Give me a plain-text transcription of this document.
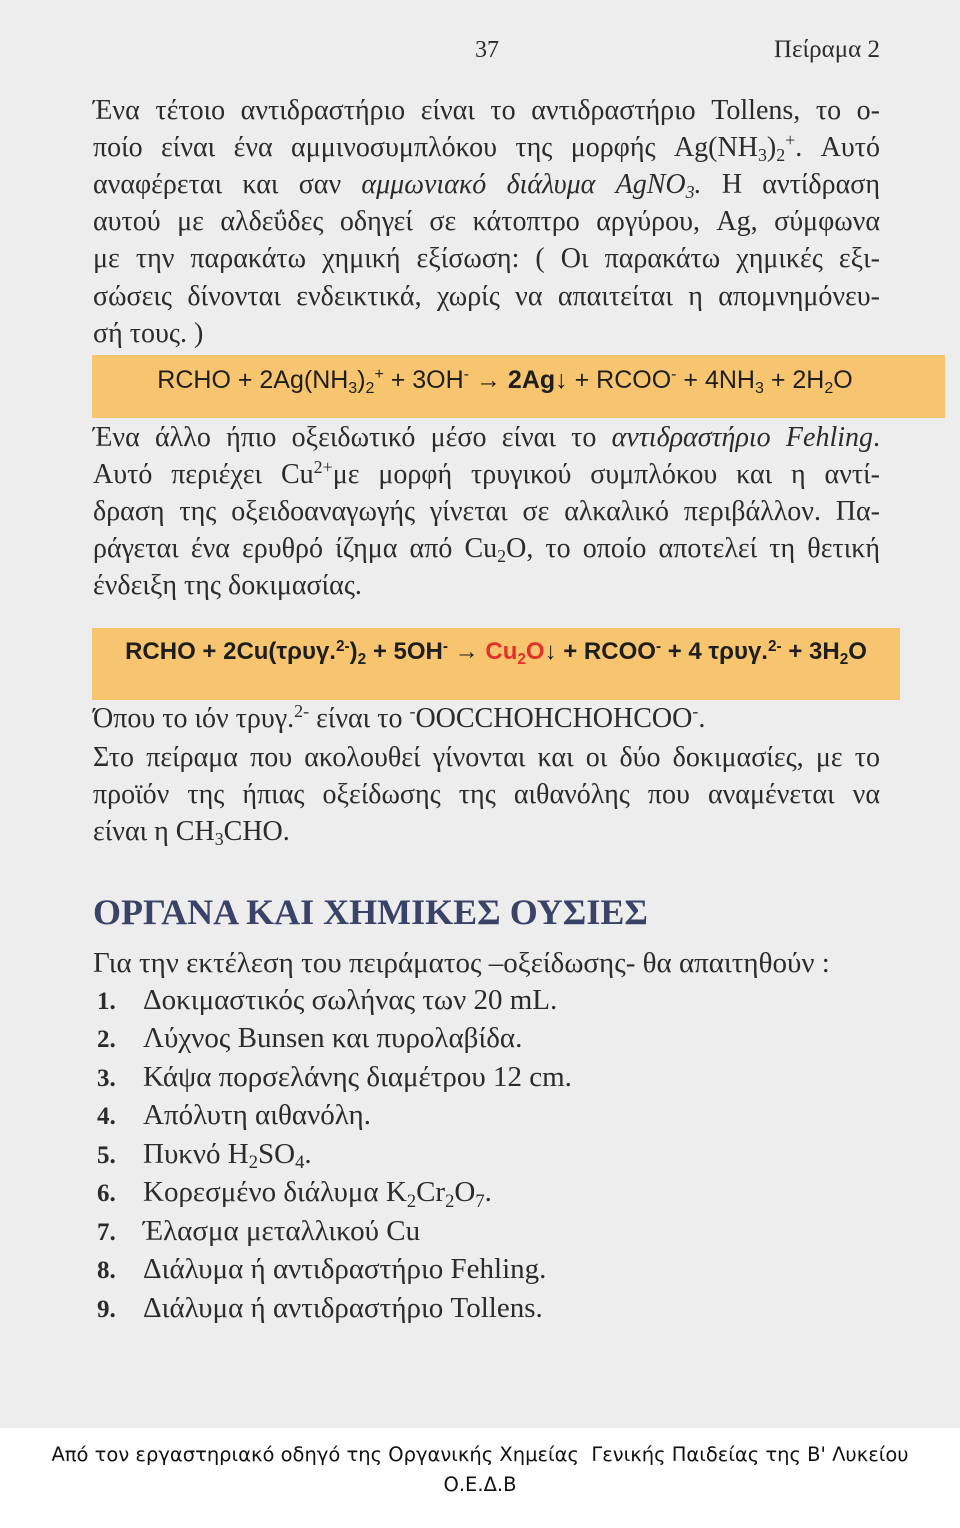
37	Πείραμα 2
Ένα τέτοιο αντιδραστήριο είναι το αντιδραστήριο Tollens, το ο-
ποίο είναι ένα αμμινοσυμπλόκου της μορφής Ag(NH3)2+. Αυτό
αναφέρεται και σαν αμμωνιακό διάλυμα AgNO3. Η αντίδραση
αυτού με αλδεΰδες οδηγεί σε κάτοπτρο αργύρου, Ag, σύμφωνα
με την παρακάτω χημική εξίσωση: ( Οι παρακάτω χημικές εξι-
σώσεις δίνονται ενδεικτικά, χωρίς να απαιτείται η απομνημόνευ-
σή τους. )
RCHO + 2Ag(NH3)2+ + 3OH- → 2Ag↓ + RCOO- + 4NH3 + 2H2O
Ένα άλλο ήπιο οξειδωτικό μέσο είναι το αντιδραστήριο Fehling.
Αυτό περιέχει $Cu^{2+}\mu\varepsilon$ μορφή τρυγικού συμπλόκου και η αντί-
δραση της οξειδοαναγωγής γίνεται σε αλκαλικό περιβάλλον. Πα-
ράγεται ένα ερυθρό ίζημα από Cu2O, το οποίο αποτελεί τη θετική
ένδειξη της δοκιμασίας.
RCHO + 2Cu(τρυγ.$^{2-}$)2 + 5OH- → Cu2O↓ + RCOO- + 4 τρυγ.$^{2-}$ + 3H2O
Όπου το ιόν τρυγ.$^{2-}$ είναι το -OOCCHOHCHOHCOO-.
Στο πείραμα που ακολουθεί γίνονται και οι δύο δοκιμασίες, με το
προϊόν της ήπιας οξείδωσης της αιθανόλης που αναμένεται να
είναι η CH3CHO.
ΟΡΓΑΝΑ ΚΑΙ ΧΗΜΙΚΕΣ ΟΥΣΙΕΣ
Για την εκτέλεση του πειράματος –οξείδωσης- θα απαιτηθούν :
1. Δοκιμαστικός σωλήνας των 20 mL.
2. Λύχνος Bunsen και πυρολαβίδα.
3. Κάψα πορσελάνης διαμέτρου 12 cm.
4. Απόλυτη αιθανόλη.
5. Πυκνό H2SO4.
6. Κορεσμένο διάλυμα K2Cr2O7.
7. Έλασμα μεταλλικού Cu
8. Διάλυμα ή αντιδραστήριο Fehling.
9. Διάλυμα ή αντιδραστήριο Tollens.
Από τον εργαστηριακό οδηγό της Οργανικής Χημείας  Γενικής Παιδείας της Β' Λυκείου
Ο.Ε.Δ.Β
